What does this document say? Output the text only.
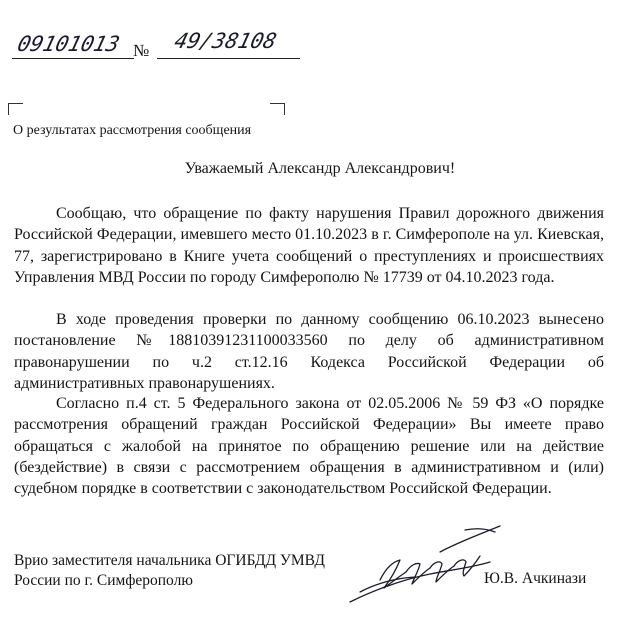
09101013 № 49/38108
О результатах рассмотрения сообщения
Уважаемый Александр Александрович!

Сообщаю, что обращение по факту нарушения Правил дорожного движения Российской Федерации, имевшего место 01.10.2023 в г. Симферополе на ул. Киевская, 77, зарегистрировано в Книге учета сообщений о преступлениях и происшествиях Управления МВД России по городу Симферополю № 17739 от 04.10.2023 года.

В ходе проведения проверки по данному сообщению 06.10.2023 вынесено постановление №18810391231100033560 по делу об административном правонарушении по ч.2 ст.12.16 Кодекса Российской Федерации об административных правонарушениях.

Согласно п.4 ст. 5 Федерального закона от 02.05.2006 № 59 ФЗ «О порядке рассмотрения обращений граждан Российской Федерации» Вы имеете право обращаться с жалобой на принятое по обращению решение или на действие (бездействие) в связи с рассмотрением обращения в административном и (или) судебном порядке в соответствии с законодательством Российской Федерации.

Врио заместителя начальника ОГИБДД УМВД
России по г. Симферополю	Ю.В. Ачкинази
